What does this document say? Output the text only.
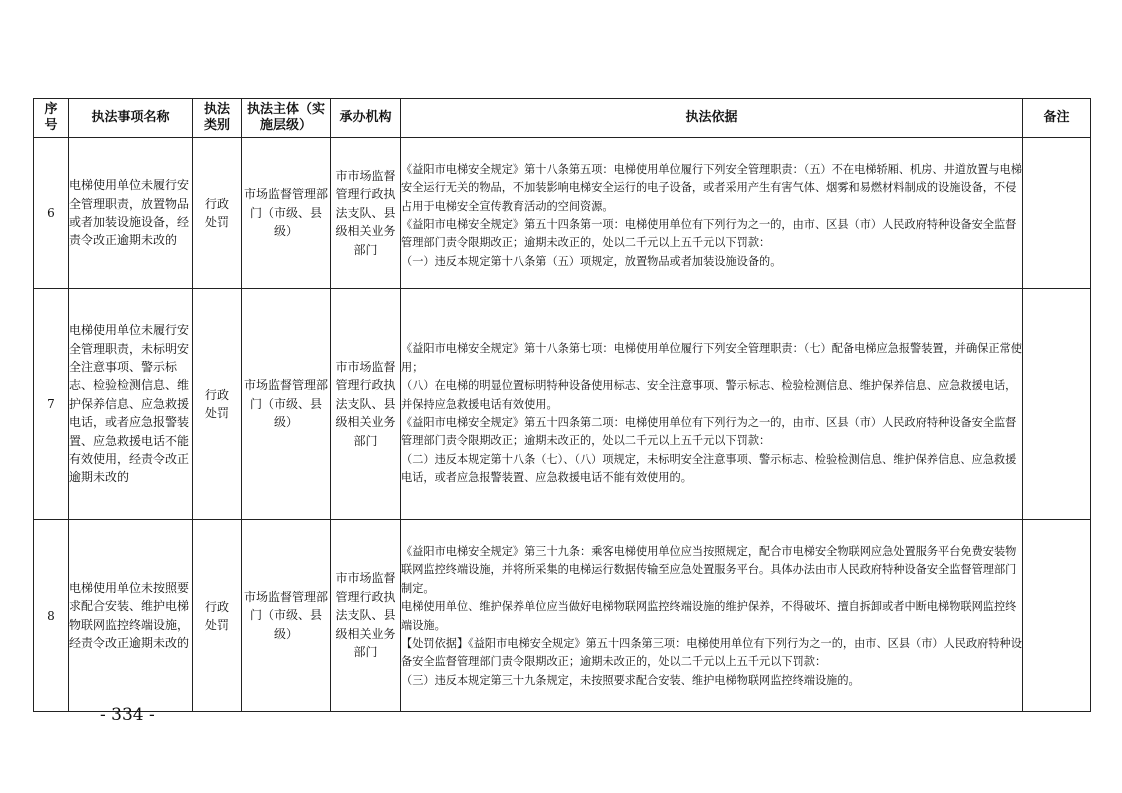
序号	执法事项名称	执法类别	执法主体（实施层级）	承办机构	执法依据	备注
6	电梯使用单位未履行安全管理职责，放置物品或者加装设施设备，经责令改正逾期未改的	行政处罚	市场监督管理部门（市级、县级）	市市场监督管理行政执法支队、县级相关业务部门	《益阳市电梯安全规定》第十八条第五项：电梯使用单位履行下列安全管理职责：（五）不在电梯轿厢、机房、井道放置与电梯安全运行无关的物品，不加装影响电梯安全运行的电子设备，或者采用产生有害气体、烟雾和易燃材料制成的设施设备，不侵占用于电梯安全宣传教育活动的空间资源。

《益阳市电梯安全规定》第五十四条第一项：电梯使用单位有下列行为之一的，由市、区县（市）人民政府特种设备安全监督管理部门责令限期改正；逾期未改正的，处以二千元以上五千元以下罚款：

（一）违反本规定第十八条第（五）项规定，放置物品或者加装设施设备的。	

7	电梯使用单位未履行安全管理职责，未标明安全注意事项、警示标志、检验检测信息、维护保养信息、应急救援电话，或者应急报警装置、应急救援电话不能有效使用，经责令改正逾期未改的	行政处罚	市场监督管理部门（市级、县级）	市市场监督管理行政执法支队、县级相关业务部门	《益阳市电梯安全规定》第十八条第七项：电梯使用单位履行下列安全管理职责：（七）配备电梯应急报警装置，并确保正常使用；

（八）在电梯的明显位置标明特种设备使用标志、安全注意事项、警示标志、检验检测信息、维护保养信息、应急救援电话，并保持应急救援电话有效使用。

《益阳市电梯安全规定》第五十四条第二项：电梯使用单位有下列行为之一的，由市、区县（市）人民政府特种设备安全监督管理部门责令限期改正；逾期未改正的，处以二千元以上五千元以下罚款：

（二）违反本规定第十八条（七）、（八）项规定，未标明安全注意事项、警示标志、检验检测信息、维护保养信息、应急救援电话，或者应急报警装置、应急救援电话不能有效使用的。	

8	电梯使用单位未按照要求配合安装、维护电梯物联网监控终端设施，经责令改正逾期未改的	行政处罚	市场监督管理部门（市级、县级）	市市场监督管理行政执法支队、县级相关业务部门	《益阳市电梯安全规定》第三十九条：乘客电梯使用单位应当按照规定，配合市电梯安全物联网应急处置服务平台免费安装物联网监控终端设施，并将所采集的电梯运行数据传输至应急处置服务平台。具体办法由市人民政府特种设备安全监督管理部门制定。

电梯使用单位、维护保养单位应当做好电梯物联网监控终端设施的维护保养，不得破坏、擅自拆卸或者中断电梯物联网监控终端设施。

【处罚依据】《益阳市电梯安全规定》第五十四条第三项：电梯使用单位有下列行为之一的，由市、区县（市）人民政府特种设备安全监督管理部门责令限期改正；逾期未改正的，处以二千元以上五千元以下罚款：

（三）违反本规定第三十九条规定，未按照要求配合安装、维护电梯物联网监控终端设施的。	

- 334 -
